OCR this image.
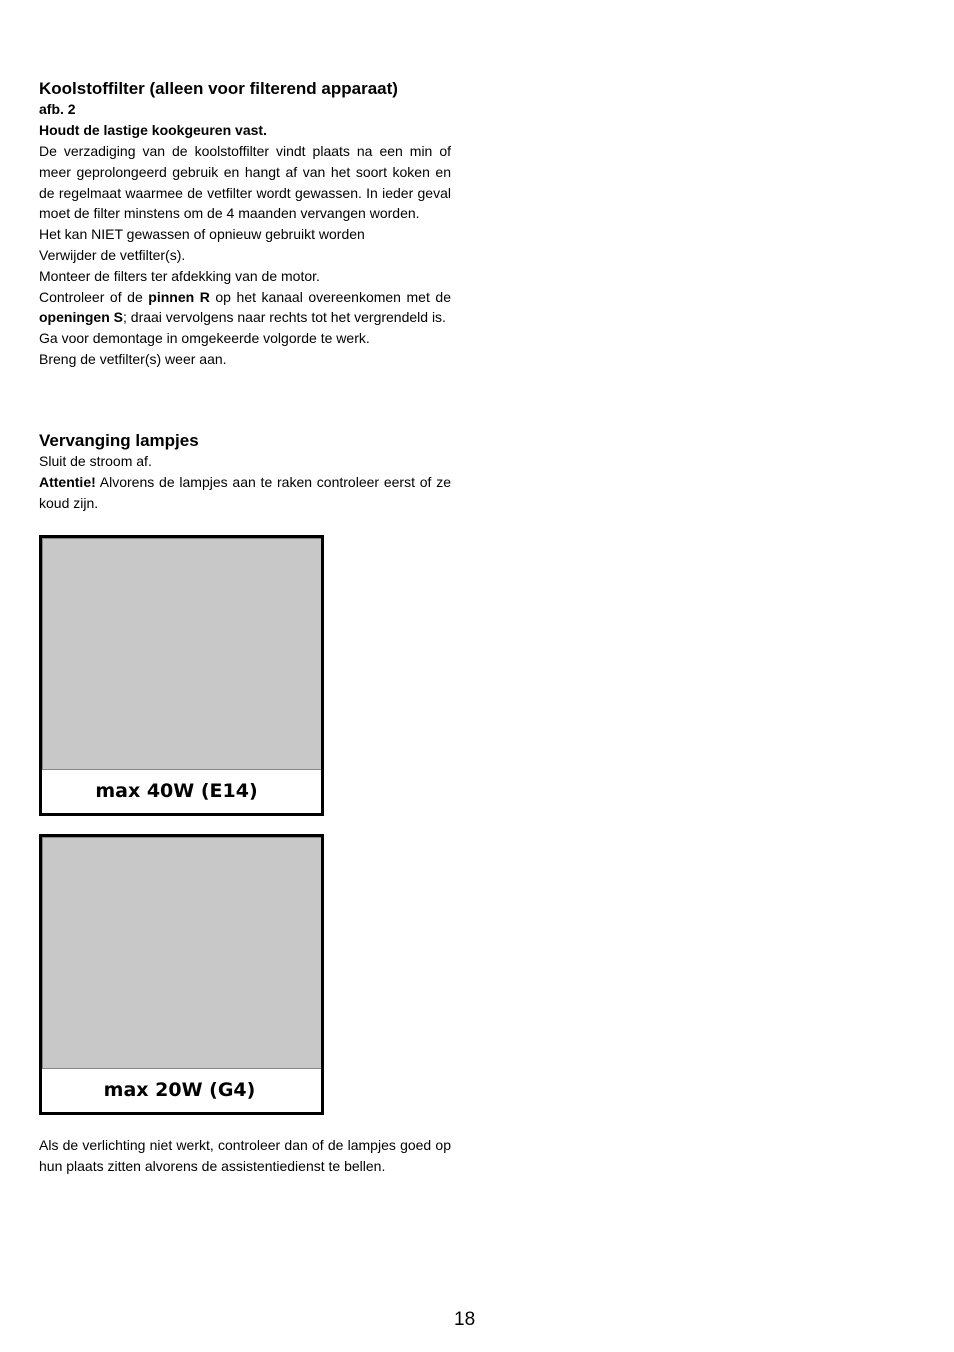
Koolstoffilter (alleen voor filterend apparaat)
afb. 2
Houdt de lastige kookgeuren vast.
De verzadiging van de koolstoffilter vindt plaats na een min of meer geprolongeerd gebruik en hangt af van het soort koken en de regelmaat waarmee de vetfilter wordt gewassen. In ieder geval moet de filter minstens om de 4 maanden vervangen worden.
Het kan NIET gewassen of opnieuw gebruikt worden
Verwijder de vetfilter(s).
Monteer de filters ter afdekking van de motor.
Controleer of de pinnen R op het kanaal overeenkomen met de openingen S; draai vervolgens naar rechts tot het vergrendeld is.
Ga voor demontage in omgekeerde volgorde te werk.
Breng de vetfilter(s) weer aan.
Vervanging lampjes
Sluit de stroom af.
Attentie! Alvorens de lampjes aan te raken controleer eerst of ze koud zijn.
max 40W (E14)
max 20W (G4)
Als de verlichting niet werkt, controleer dan of de lampjes goed op hun plaats zitten alvorens de assistentiedienst te bellen.
18
